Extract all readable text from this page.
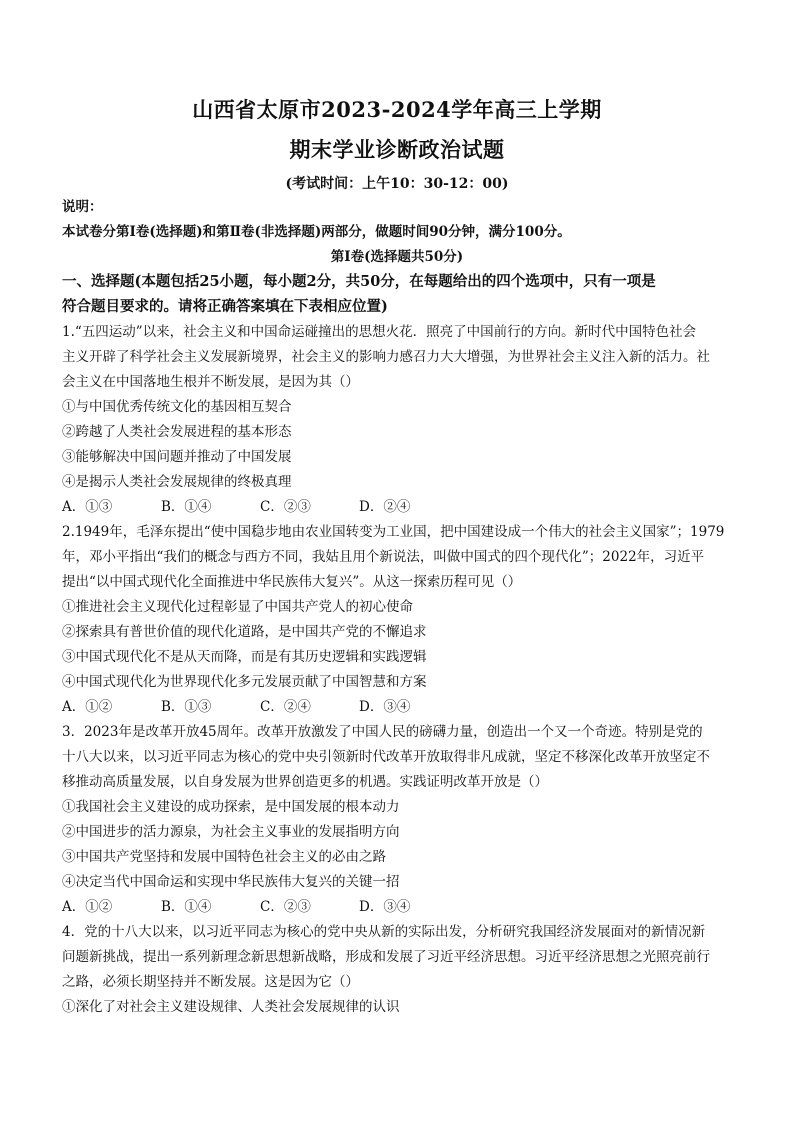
山西省太原市2023-2024学年高三上学期
期末学业诊断政治试题
(考试时间：上午10：30-12：00)
说明：
本试卷分第Ⅰ卷(选择题)和第Ⅱ卷(非选择题)两部分，做题时间90分钟，满分100分。
第Ⅰ卷(选择题共50分)
一、选择题(本题包括25小题，每小题2分，共50分，在每题给出的四个选项中，只有一项是
符合题目要求的。请将正确答案填在下表相应位置)
1.“五四运动”以来，社会主义和中国命运碰撞出的思想火花．照亮了中国前行的方向。新时代中国特色社会
主义开辟了科学社会主义发展新境界，社会主义的影响力感召力大大增强，为世界社会主义注入新的活力。社
会主义在中国落地生根并不断发展，是因为其（）
①与中国优秀传统文化的基因相互契合
②跨越了人类社会发展进程的基本形态
③能够解决中国问题并推动了中国发展
④是揭示人类社会发展规律的终极真理
A．①③	B．①④	C．②③	D．②④
2.1949年，毛泽东提出“使中国稳步地由农业国转变为工业国，把中国建设成一个伟大的社会主义国家”；1979
年，邓小平指出“我们的概念与西方不同，我姑且用个新说法，叫做中国式的四个现代化”；2022年，习近平
提出“以中国式现代化全面推进中华民族伟大复兴”。从这一探索历程可见（）
①推进社会主义现代化过程彰显了中国共产党人的初心使命
②探索具有普世价值的现代化道路，是中国共产党的不懈追求
③中国式现代化不是从天而降，而是有其历史逻辑和实践逻辑
④中国式现代化为世界现代化多元发展贡献了中国智慧和方案
A．①②	B．①③	C．②④	D．③④
3．2023年是改革开放45周年。改革开放激发了中国人民的磅礴力量，创造出一个又一个奇迹。特别是党的
十八大以来，以习近平同志为核心的党中央引领新时代改革开放取得非凡成就，坚定不移深化改革开放坚定不
移推动高质量发展，以自身发展为世界创造更多的机遇。实践证明改革开放是（）
①我国社会主义建设的成功探索，是中国发展的根本动力
②中国进步的活力源泉，为社会主义事业的发展指明方向
③中国共产党坚持和发展中国特色社会主义的必由之路
④决定当代中国命运和实现中华民族伟大复兴的关键一招
A．①②	B．①④	C．②③	D．③④
4．党的十八大以来，以习近平同志为核心的党中央从新的实际出发，分析研究我国经济发展面对的新情况新
问题新挑战，提出一系列新理念新思想新战略，形成和发展了习近平经济思想。习近平经济思想之光照亮前行
之路，必须长期坚持并不断发展。这是因为它（）
①深化了对社会主义建设规律、人类社会发展规律的认识
